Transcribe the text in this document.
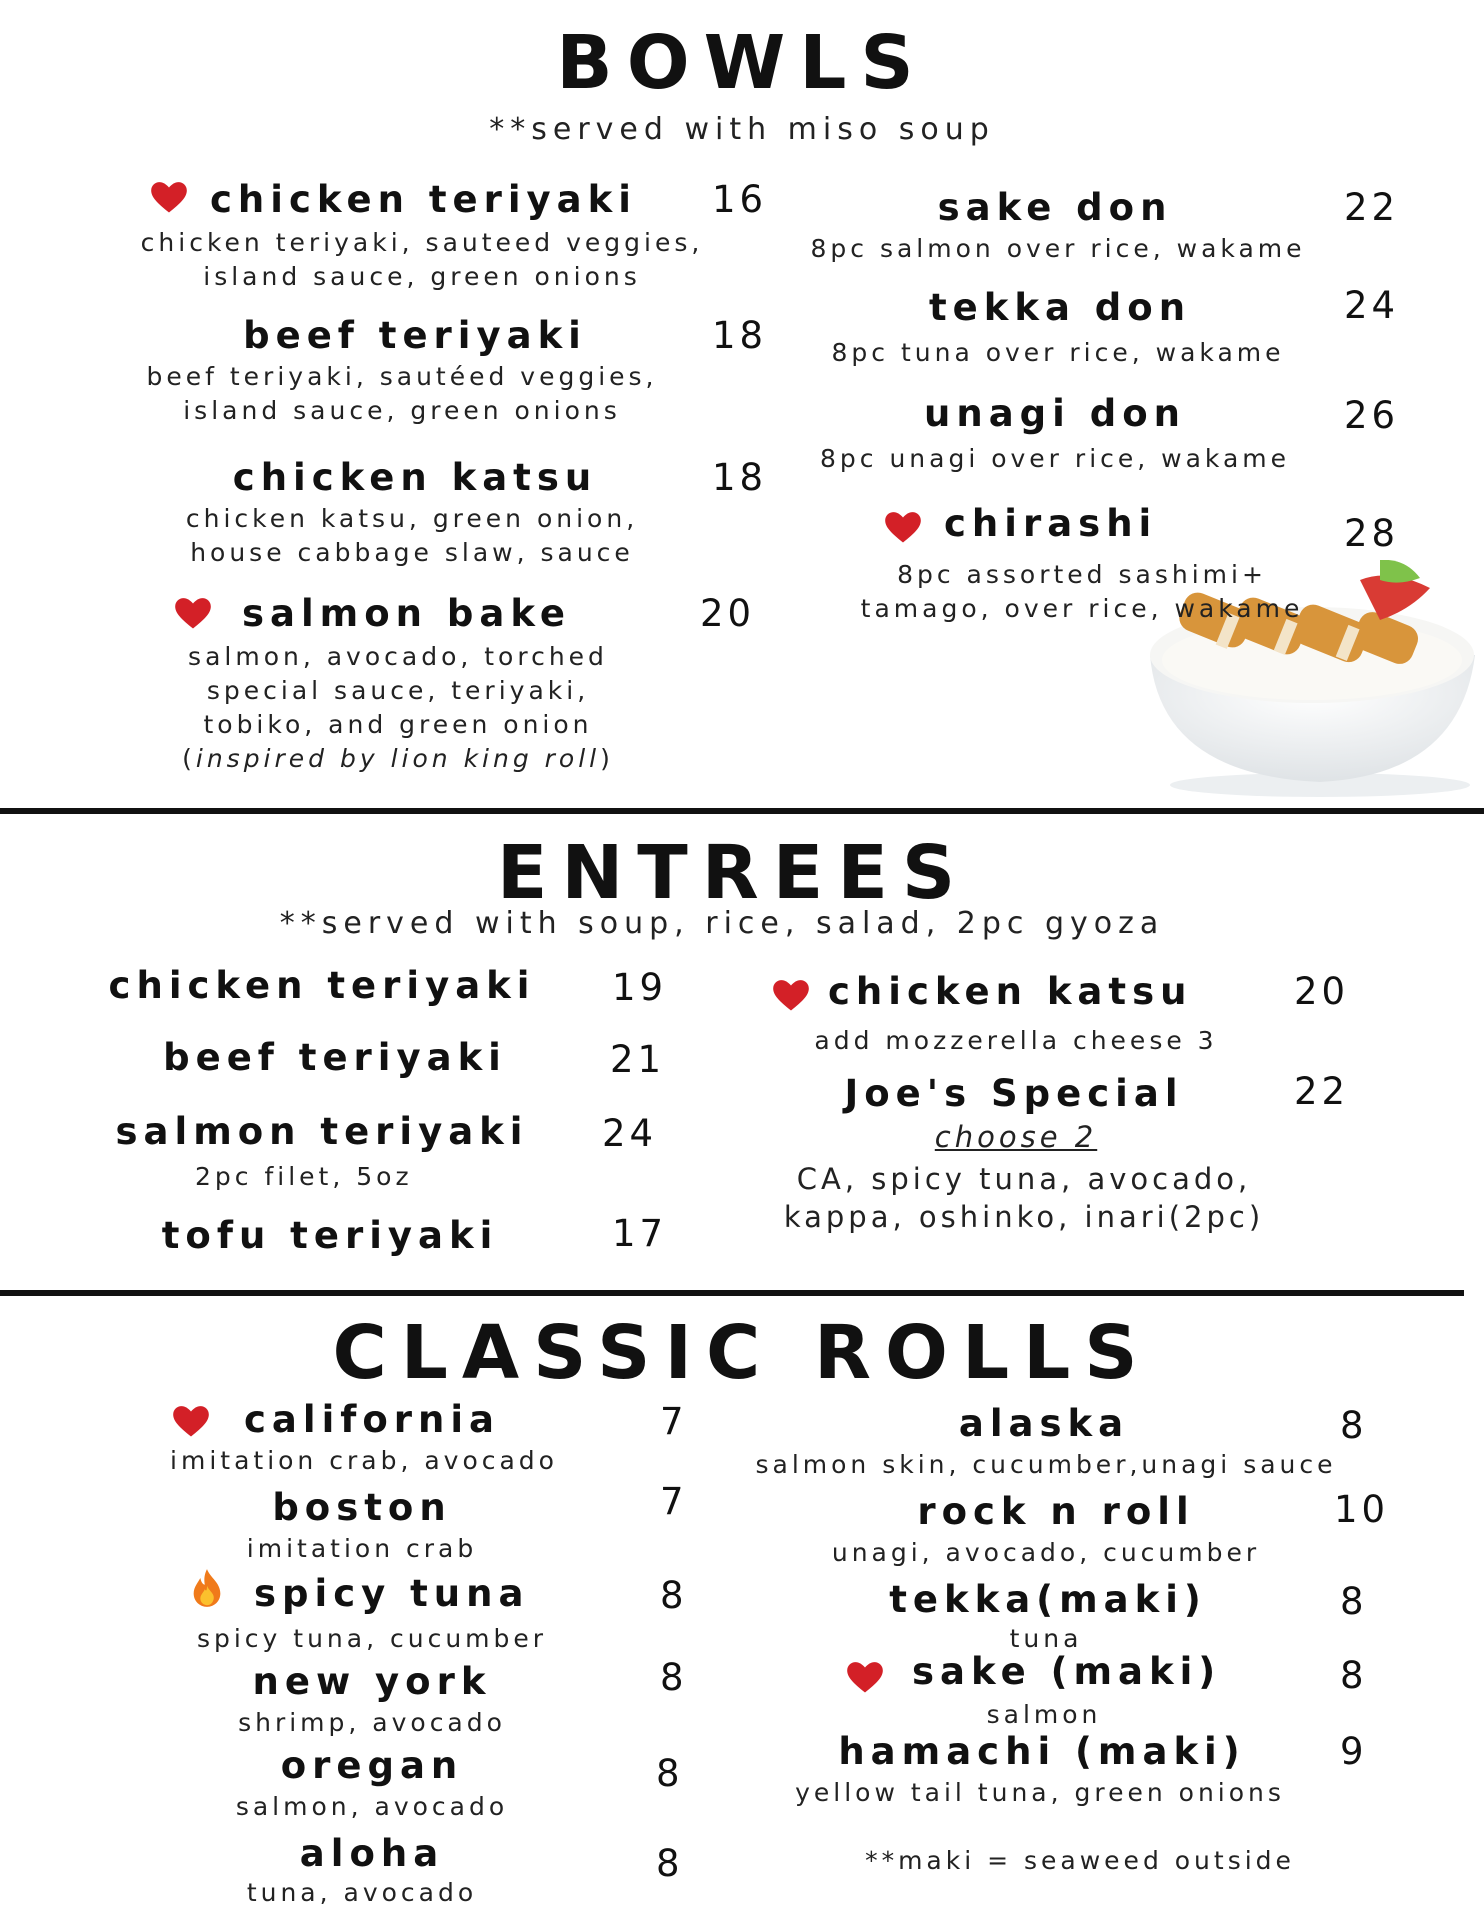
BOWLS
**served with miso soup
chicken teriyaki 16
chicken teriyaki, sauteed veggies,
island sauce, green onions
beef teriyaki	18
beef teriyaki, sautéed veggies,
island sauce, green onions
chicken katsu	18
chicken katsu, green onion,
house cabbage slaw, sauce
salmon bake	20
salmon, avocado, torched
special sauce, teriyaki,
tobiko, and green onion
(inspired by lion king roll)
sake don	22
8pc salmon over rice, wakame
tekka don	24
8pc tuna over rice, wakame
unagi don	26
8pc unagi over rice, wakame
chirashi	28
8pc assorted sashimi+
tamago, over rice, wakame
ENTREES
**served with soup, rice, salad, 2pc gyoza
chicken teriyaki 19
beef teriyaki	21
salmon teriyaki 24
2pc filet, 5oz
tofu teriyaki	17
chicken katsu	20
add mozzerella cheese 3
Joe's Special	22
choose 2
CA, spicy tuna, avocado,
kappa, oshinko, inari(2pc)
CLASSIC ROLLS
california	7
imitation crab, avocado
boston	7
imitation crab
spicy tuna	8
spicy tuna, cucumber
new york	8
shrimp, avocado
oregan	8
salmon, avocado
aloha	8
tuna, avocado
alaska	8
salmon skin, cucumber,unagi sauce
rock n roll	10
unagi, avocado, cucumber
tekka(maki)	8
tuna
sake (maki)	8
salmon
hamachi (maki)	9
yellow tail tuna, green onions
**maki = seaweed outside
